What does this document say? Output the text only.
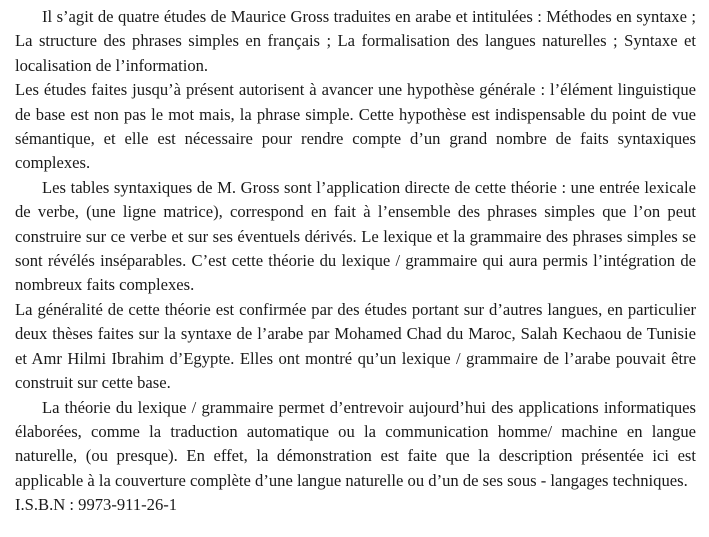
Il s’agit de quatre études de Maurice Gross traduites en arabe et intitulées : Méthodes en syntaxe ; La structure des phrases simples en français ; La formalisation des langues naturelles ; Syntaxe et localisation de l’information.

Les études faites jusqu’à présent autorisent à avancer une hypothèse générale : l’élément linguistique de base est non pas le mot mais, la phrase simple. Cette hypothèse est indispensable du point de vue sémantique, et elle est nécessaire pour rendre compte d’un grand nombre de faits syntaxiques complexes.

Les tables syntaxiques de M. Gross sont l’application directe de cette théorie : une entrée lexicale de verbe, (une ligne matrice), correspond en fait à l’ensemble des phrases simples que l’on peut construire sur ce verbe et sur ses éventuels dérivés. Le lexique et la grammaire des phrases simples se sont révélés inséparables. C’est cette théorie du lexique / grammaire qui aura permis l’intégration de nombreux faits complexes.

La généralité de cette théorie est confirmée par des études portant sur d’autres langues, en particulier deux thèses faites sur la syntaxe de l’arabe par Mohamed Chad du Maroc, Salah Kechaou de Tunisie et Amr Hilmi Ibrahim d’Egypte. Elles ont montré qu’un lexique / grammaire de l’arabe pouvait être construit sur cette base.

La théorie du lexique / grammaire permet d’entrevoir aujourd’hui des applications informatiques élaborées, comme la traduction automatique ou la communication homme/ machine en langue naturelle, (ou presque). En effet, la démonstration est faite que la description présentée ici est applicable à la couverture complète d’une langue naturelle ou d’un de ses sous - langages techniques.

I.S.B.N : 9973-911-26-1
